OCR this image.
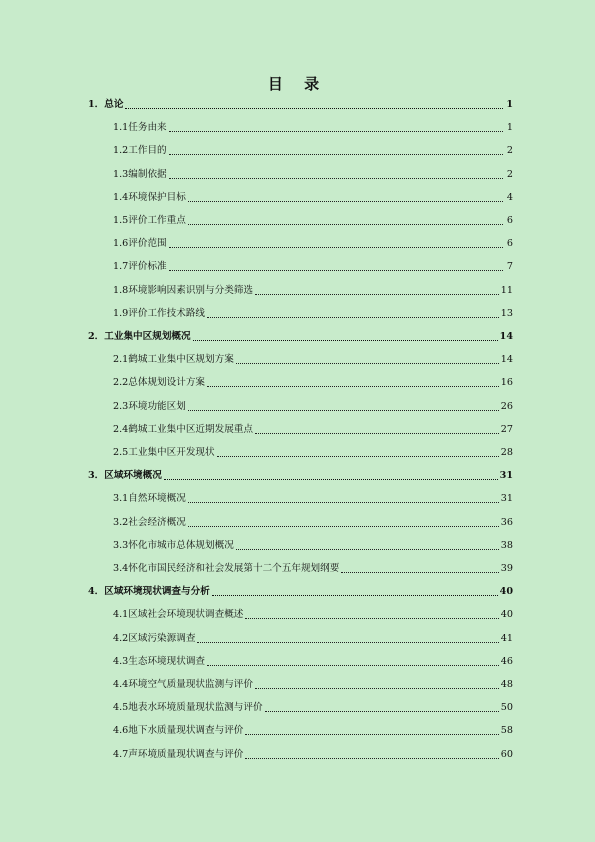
目 录
1． 总论	1
1.1 任务由来	1
1.2 工作目的	2
1.3 编制依据	2
1.4 环境保护目标	4
1.5 评价工作重点	6
1.6 评价范围	6
1.7 评价标准	7
1.8 环境影响因素识别与分类筛选	11
1.9 评价工作技术路线	13
2． 工业集中区规划概况	14
2.1 鹤城工业集中区规划方案	14
2.2 总体规划设计方案	16
2.3 环境功能区划	26
2.4 鹤城工业集中区近期发展重点	27
2.5 工业集中区开发现状	28
3． 区域环境概况	31
3.1 自然环境概况	31
3.2 社会经济概况	36
3.3 怀化市城市总体规划概况	38
3.4 怀化市国民经济和社会发展第十二个五年规划纲要	39
4． 区域环境现状调查与分析	40
4.1 区域社会环境现状调查概述	40
4.2 区域污染源调查	41
4.3 生态环境现状调查	46
4.4 环境空气质量现状监测与评价	48
4.5 地表水环境质量现状监测与评价	50
4.6 地下水质量现状调查与评价	58
4.7 声环境质量现状调查与评价	60
